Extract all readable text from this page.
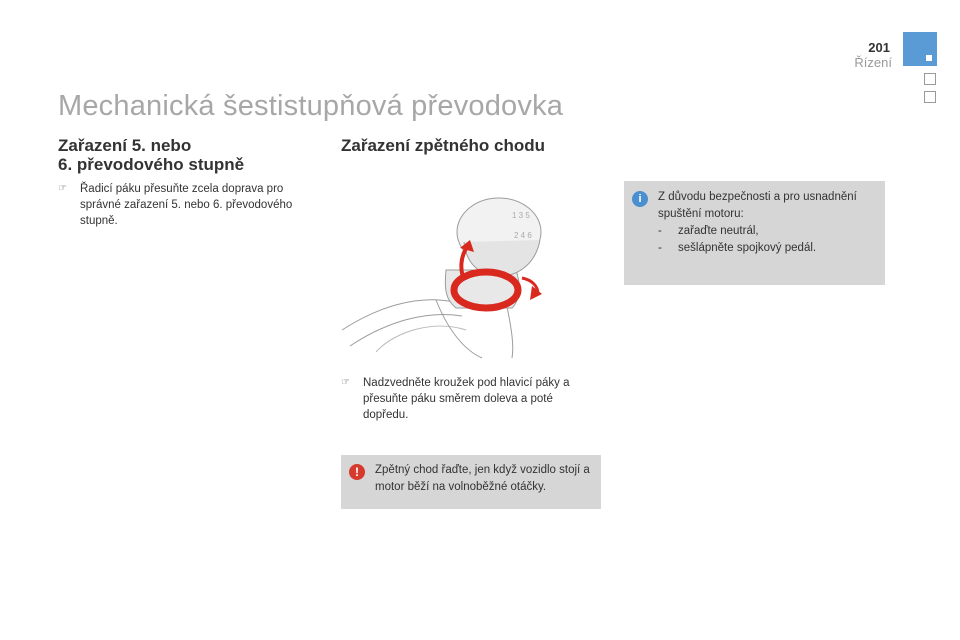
201
Řízení
Mechanická šestistupňová převodovka
Zařazení 5. nebo
6. převodového stupně
☞ Řadicí páku přesuňte zcela doprava pro správné zařazení 5. nebo 6. převodového stupně.
Zařazení zpětného chodu
1 3 5
2 4 6
☞ Nadzvedněte kroužek pod hlavicí páky a přesuňte páku směrem doleva a poté dopředu.
!	Zpětný chod řaďte, jen když vozidlo stojí a motor běží na volnoběžné otáčky.
i	Z důvodu bezpečnosti a pro usnadnění spuštění motoru:
- zařaďte neutrál,
- sešlápněte spojkový pedál.
